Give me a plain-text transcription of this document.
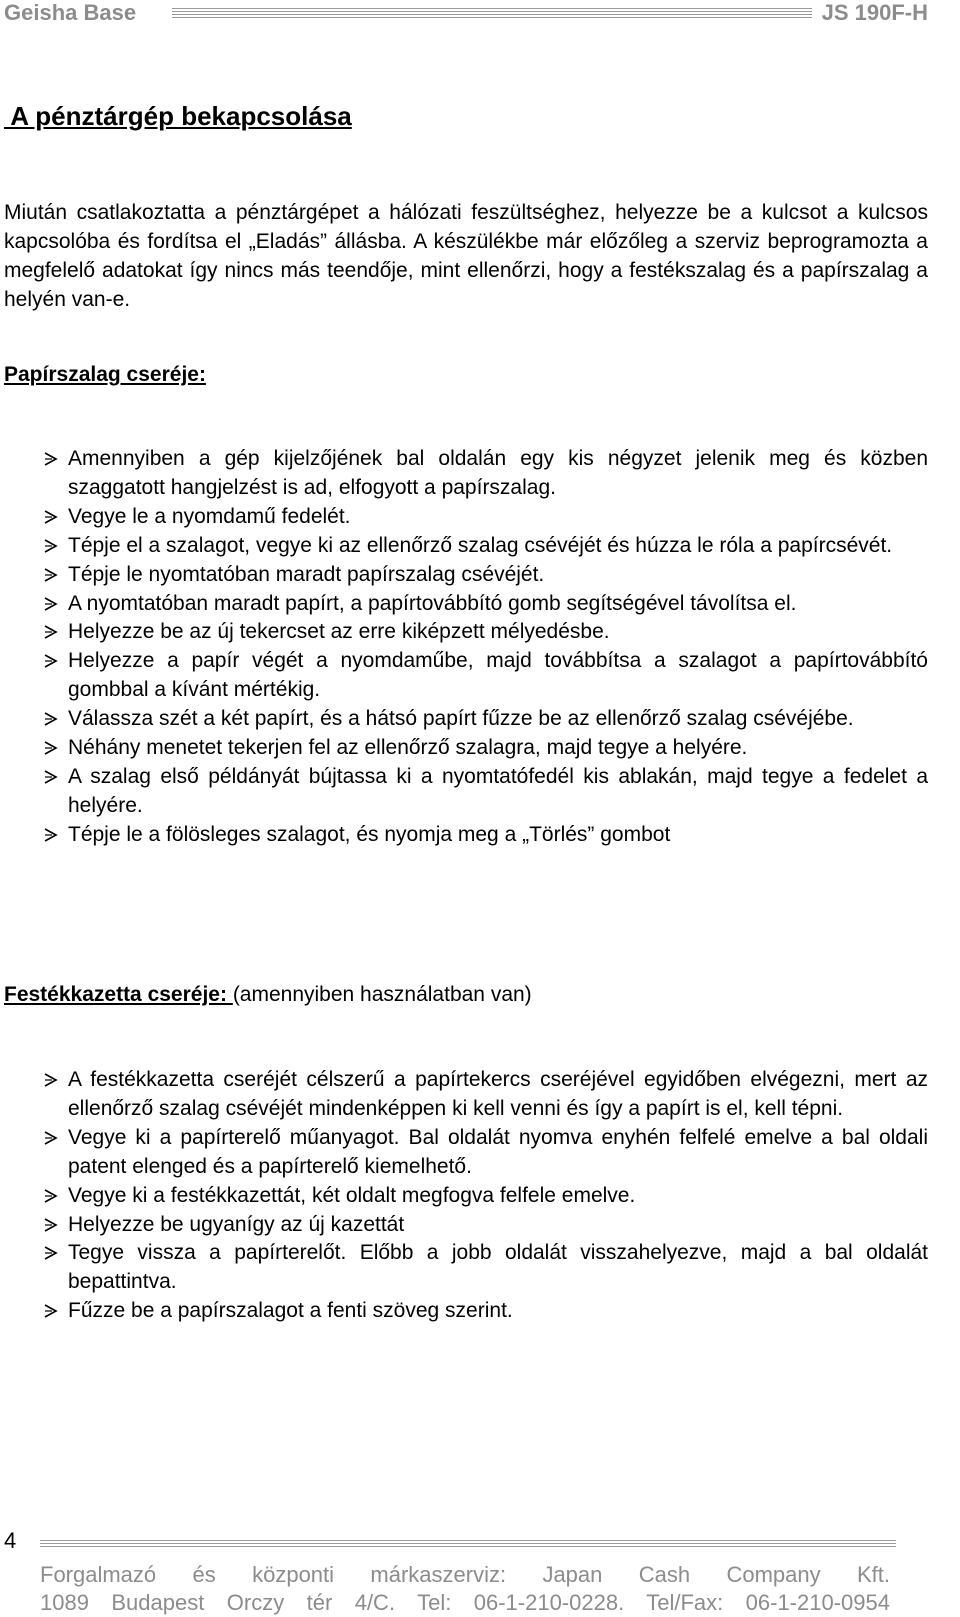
Geisha Base	JS 190F-H
A pénztárgép bekapcsolása

Miután csatlakoztatta a pénztárgépet a hálózati feszültséghez, helyezze be a kulcsot a kulcsos kapcsolóba és fordítsa el „Eladás” állásba. A készülékbe már előzőleg a szerviz beprogramozta a megfelelő adatokat így nincs más teendője, mint ellenőrzi, hogy a festékszalag és a papírszalag a helyén van-e.

Papírszalag cseréje:

Amennyiben a gép kijelzőjének bal oldalán egy kis négyzet jelenik meg és közben szaggatott hangjelzést is ad, elfogyott a papírszalag.
Vegye le a nyomdamű fedelét.
Tépje el a szalagot, vegye ki az ellenőrző szalag csévéjét és húzza le róla a papírcsévét.
Tépje le nyomtatóban maradt papírszalag csévéjét.
A nyomtatóban maradt papírt, a papírtovábbító gomb segítségével távolítsa el.
Helyezze be az új tekercset az erre kiképzett mélyedésbe.
Helyezze a papír végét a nyomdaműbe, majd továbbítsa a szalagot a papírtovábbító gombbal a kívánt mértékig.
Válassza szét a két papírt, és a hátsó papírt fűzze be az ellenőrző szalag csévéjébe.
Néhány menetet tekerjen fel az ellenőrző szalagra, majd tegye a helyére.
A szalag első példányát bújtassa ki a nyomtatófedél kis ablakán, majd tegye a fedelet a helyére.
Tépje le a fölösleges szalagot, és nyomja meg a „Törlés” gombot

Festékkazetta cseréje: (amennyiben használatban van)

A festékkazetta cseréjét célszerű a papírtekercs cseréjével egyidőben elvégezni, mert az ellenőrző szalag csévéjét mindenképpen ki kell venni és így a papírt is el, kell tépni.
Vegye ki a papírterelő műanyagot. Bal oldalát nyomva enyhén felfelé emelve a bal oldali patent elenged és a papírterelő kiemelhető.
Vegye ki a festékkazettát, két oldalt megfogva felfele emelve.
Helyezze be ugyanígy az új kazettát
Tegye vissza a papírterelőt. Előbb a jobb oldalát visszahelyezve, majd a bal oldalát bepattintva.
Fűzze be a papírszalagot a fenti szöveg szerint.
4
Forgalmazó és központi márkaszerviz: Japan Cash Company Kft.
1089 Budapest Orczy tér 4/C. Tel: 06-1-210-0228. Tel/Fax: 06-1-210-0954
